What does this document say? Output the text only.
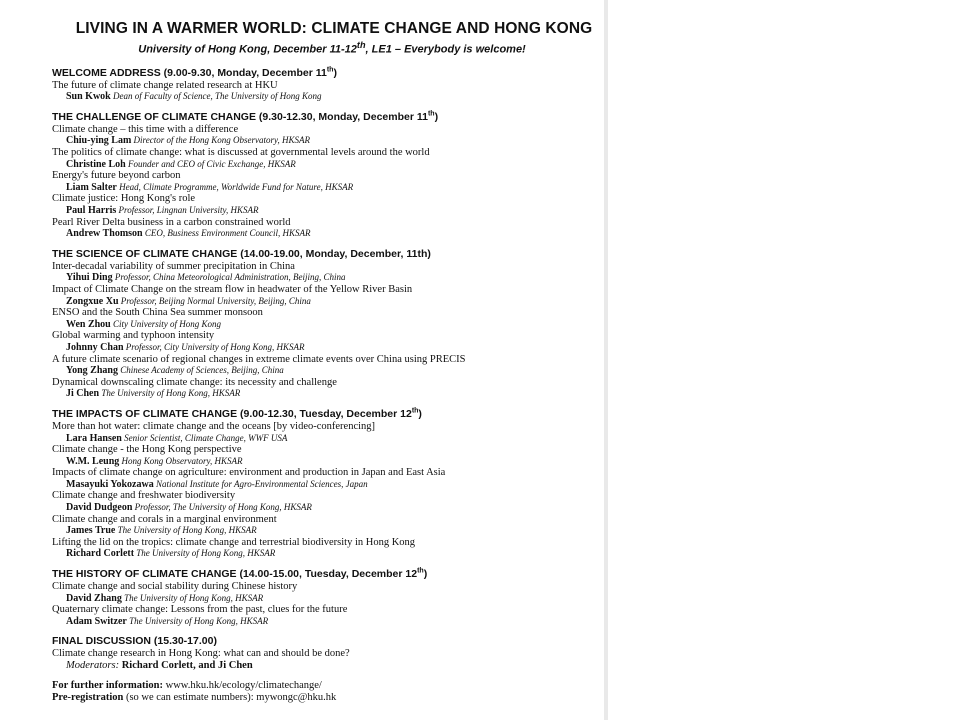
LIVING IN A WARMER WORLD: CLIMATE CHANGE AND HONG KONG
University of Hong Kong, December 11-12th, LE1 – Everybody is welcome!
WELCOME ADDRESS (9.00-9.30, Monday, December 11th)
The future of climate change related research at HKU
Sun Kwok Dean of Faculty of Science, The University of Hong Kong
THE CHALLENGE OF CLIMATE CHANGE (9.30-12.30, Monday, December 11th)
Climate change – this time with a difference
Chiu-ying Lam Director of the Hong Kong Observatory, HKSAR
The politics of climate change: what is discussed at governmental levels around the world
Christine Loh Founder and CEO of Civic Exchange, HKSAR
Energy's future beyond carbon
Liam Salter Head, Climate Programme, Worldwide Fund for Nature, HKSAR
Climate justice: Hong Kong's role
Paul Harris Professor, Lingnan University, HKSAR
Pearl River Delta business in a carbon constrained world
Andrew Thomson CEO, Business Environment Council, HKSAR
THE SCIENCE OF CLIMATE CHANGE (14.00-19.00, Monday, December, 11th)
Inter-decadal variability of summer precipitation in China
Yihui Ding Professor, China Meteorological Administration, Beijing, China
Impact of Climate Change on the stream flow in headwater of the Yellow River Basin
Zongxue Xu Professor, Beijing Normal University, Beijing, China
ENSO and the South China Sea summer monsoon
Wen Zhou City University of Hong Kong
Global warming and typhoon intensity
Johnny Chan Professor, City University of Hong Kong, HKSAR
A future climate scenario of regional changes in extreme climate events over China using PRECIS
Yong Zhang Chinese Academy of Sciences, Beijing, China
Dynamical downscaling climate change: its necessity and challenge
Ji Chen The University of Hong Kong, HKSAR
THE IMPACTS OF CLIMATE CHANGE (9.00-12.30, Tuesday, December 12th)
More than hot water: climate change and the oceans [by video-conferencing]
Lara Hansen Senior Scientist, Climate Change, WWF USA
Climate change - the Hong Kong perspective
W.M. Leung Hong Kong Observatory, HKSAR
Impacts of climate change on agriculture: environment and production in Japan and East Asia
Masayuki Yokozawa National Institute for Agro-Environmental Sciences, Japan
Climate change and freshwater biodiversity
David Dudgeon Professor, The University of Hong Kong, HKSAR
Climate change and corals in a marginal environment
James True The University of Hong Kong, HKSAR
Lifting the lid on the tropics: climate change and terrestrial biodiversity in Hong Kong
Richard Corlett The University of Hong Kong, HKSAR
THE HISTORY OF CLIMATE CHANGE (14.00-15.00, Tuesday, December 12th)
Climate change and social stability during Chinese history
David Zhang The University of Hong Kong, HKSAR
Quaternary climate change: Lessons from the past, clues for the future
Adam Switzer The University of Hong Kong, HKSAR
FINAL DISCUSSION (15.30-17.00)
Climate change research in Hong Kong: what can and should be done?
Moderators: Richard Corlett, and Ji Chen
For further information: www.hku.hk/ecology/climatechange/
Pre-registration (so we can estimate numbers): mywongc@hku.hk
